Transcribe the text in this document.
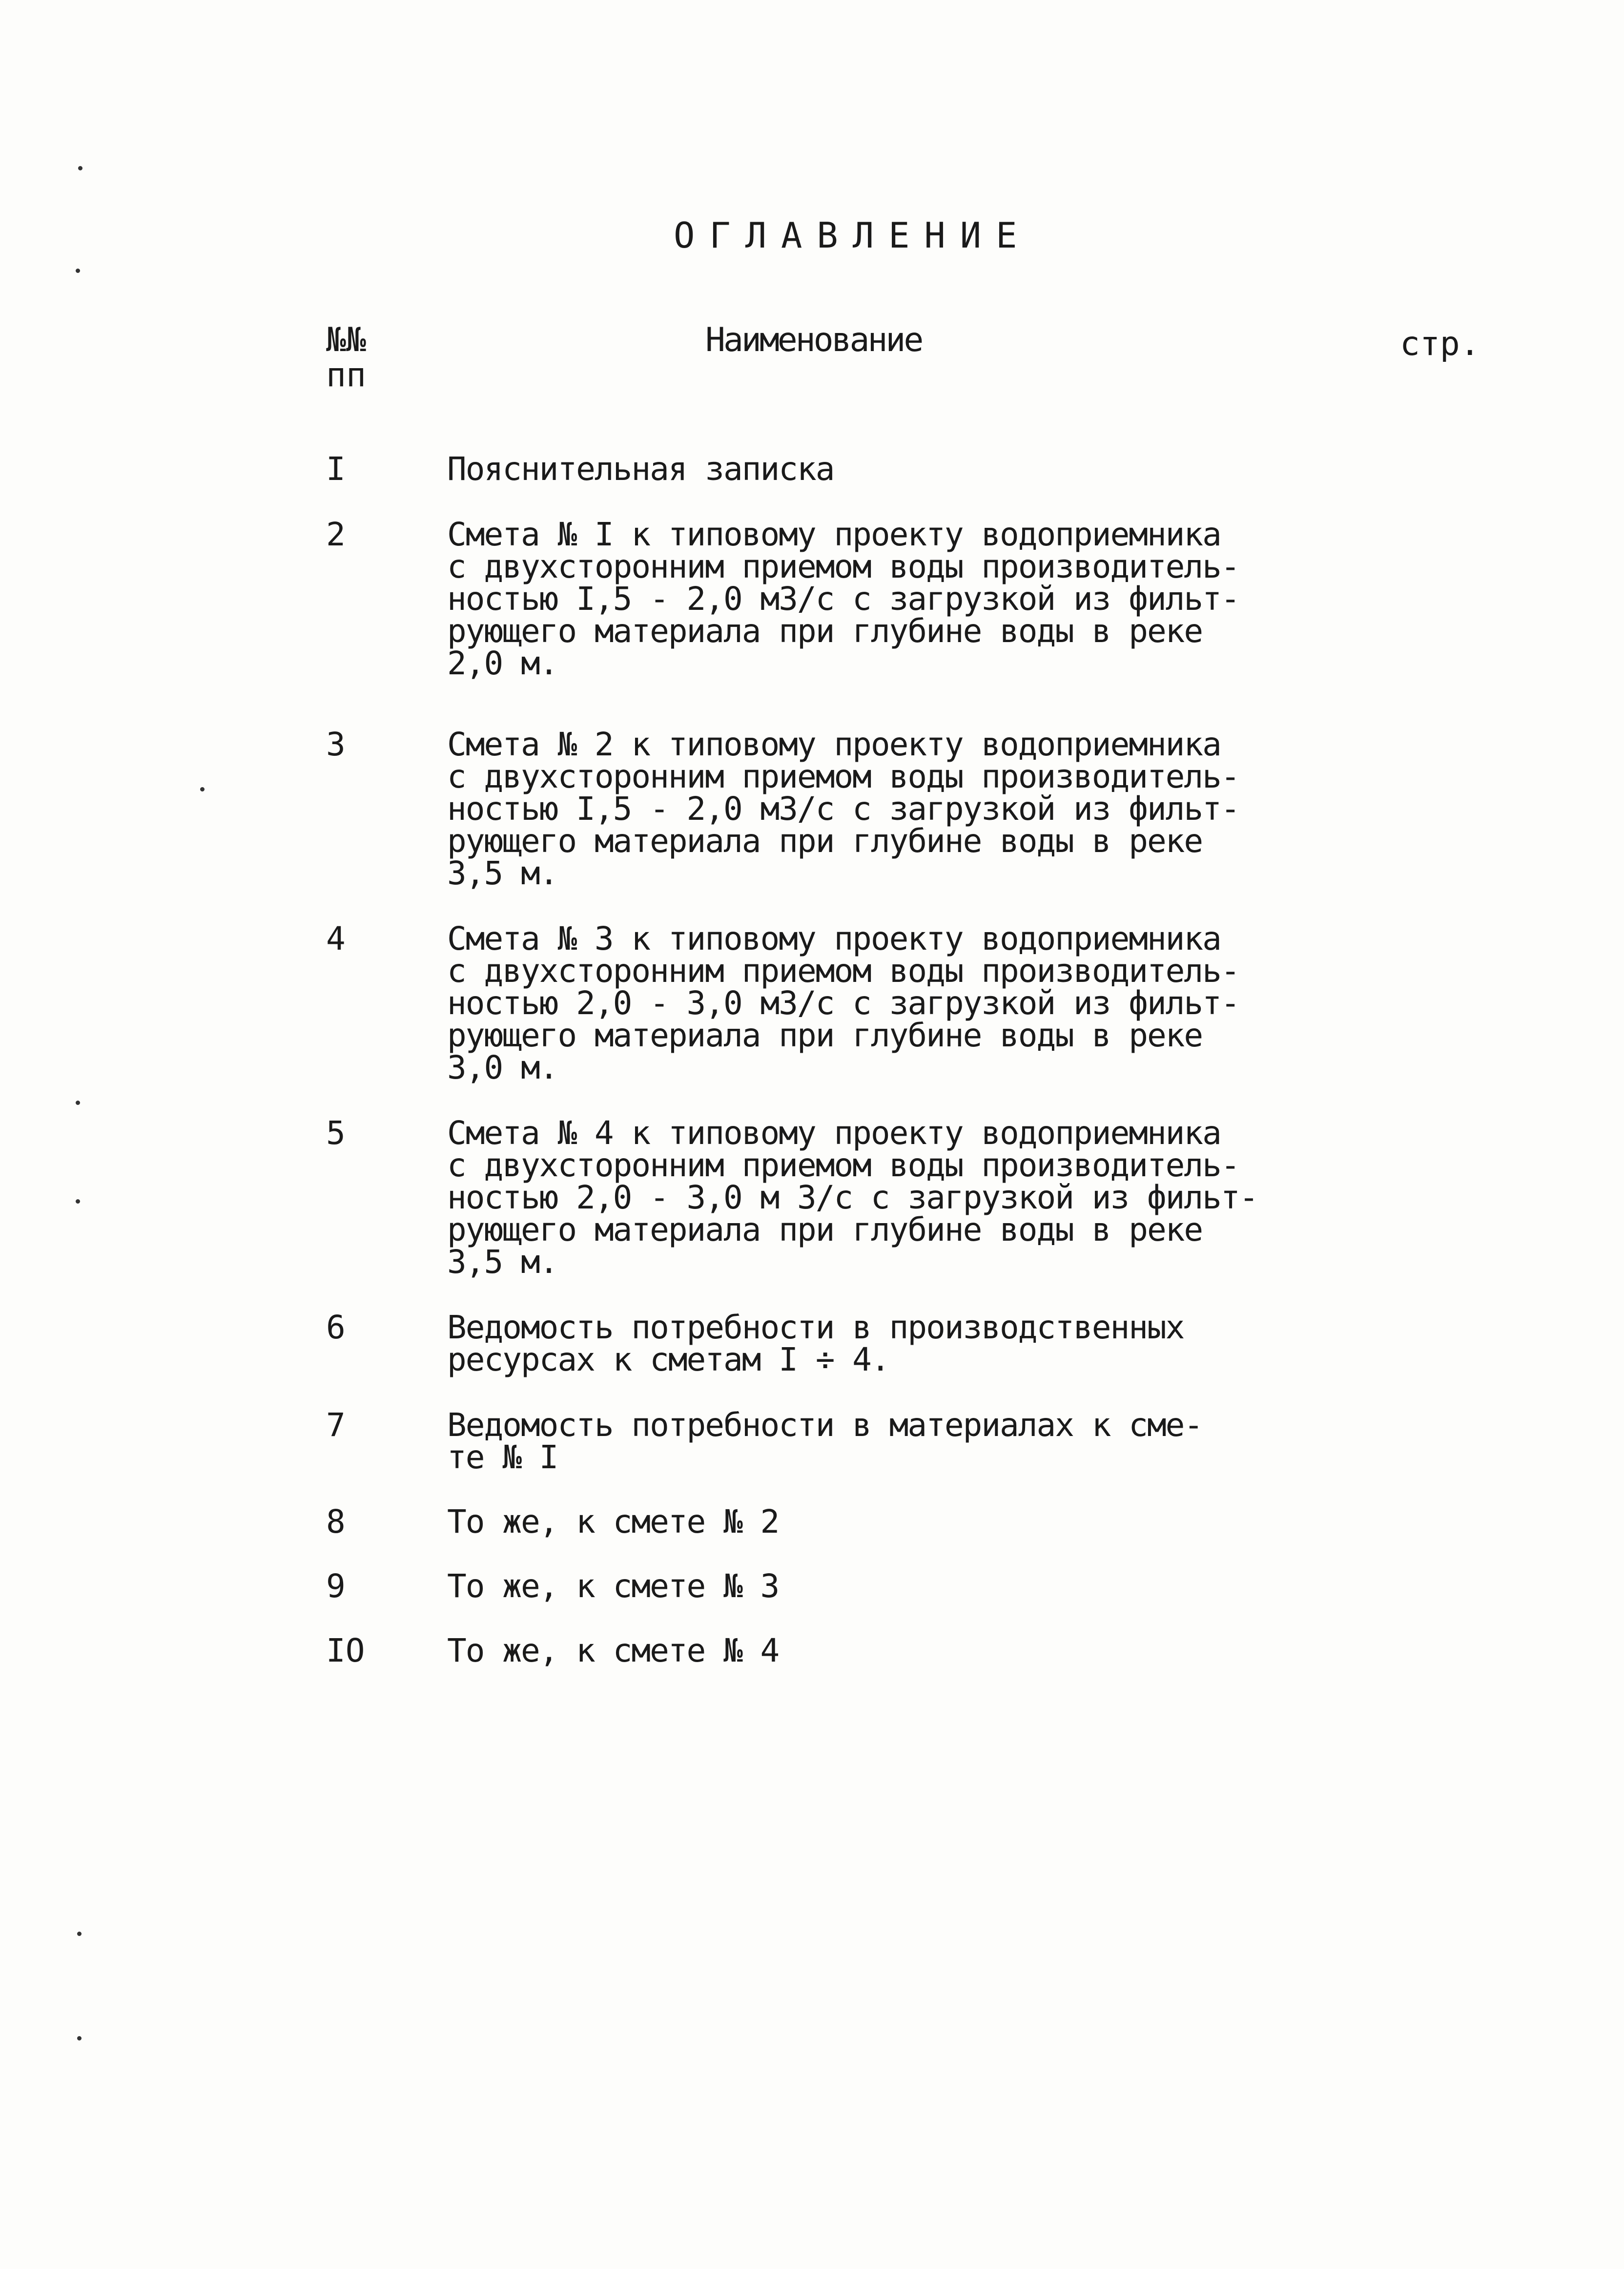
ОГЛАВЛЕНИЕ
№№
пп
Наименование	стр.
I	Пояснительная записка
2	Смета № I к типовому проекту водоприемника
с двухсторонним приемом воды производитель-
ностью I,5 - 2,0 м3/с с загрузкой из фильт-
рующего материала при глубине воды в реке
2,0 м.
3	Смета № 2 к типовому проекту водоприемника
с двухсторонним приемом воды производитель-
ностью I,5 - 2,0 м3/с с загрузкой из фильт-
рующего материала при глубине воды в реке
3,5 м.
4	Смета № 3 к типовому проекту водоприемника
с двухсторонним приемом воды производитель-
ностью 2,0 - 3,0 м3/с с загрузкой из фильт-
рующего материала при глубине воды в реке
3,0 м.
5	Смета № 4 к типовому проекту водоприемника
с двухсторонним приемом воды производитель-
ностью 2,0 - 3,0 м 3/с с загрузкой из фильт-
рующего материала при глубине воды в реке
3,5 м.
6	Ведомость потребности в производственных
ресурсах к сметам I ÷ 4.
7	Ведомость потребности в материалах к сме-
те № I
8	То же, к смете № 2
9	То же, к смете № 3
IO	То же, к смете № 4
